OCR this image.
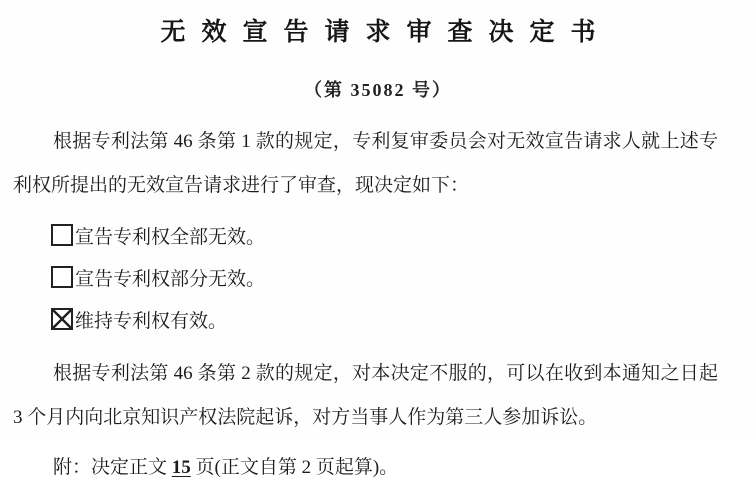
无效宣告请求审查决定书
（第 35082 号）

根据专利法第 46 条第 1 款的规定，专利复审委员会对无效宣告请求人就上述专利权所提出的无效宣告请求进行了审查，现决定如下：

宣告专利权全部无效。
宣告专利权部分无效。
维持专利权有效。

根据专利法第 46 条第 2 款的规定，对本决定不服的，可以在收到本通知之日起 3 个月内向北京知识产权法院起诉，对方当事人作为第三人参加诉讼。

附：决定正文 15 页(正文自第 2 页起算)。
